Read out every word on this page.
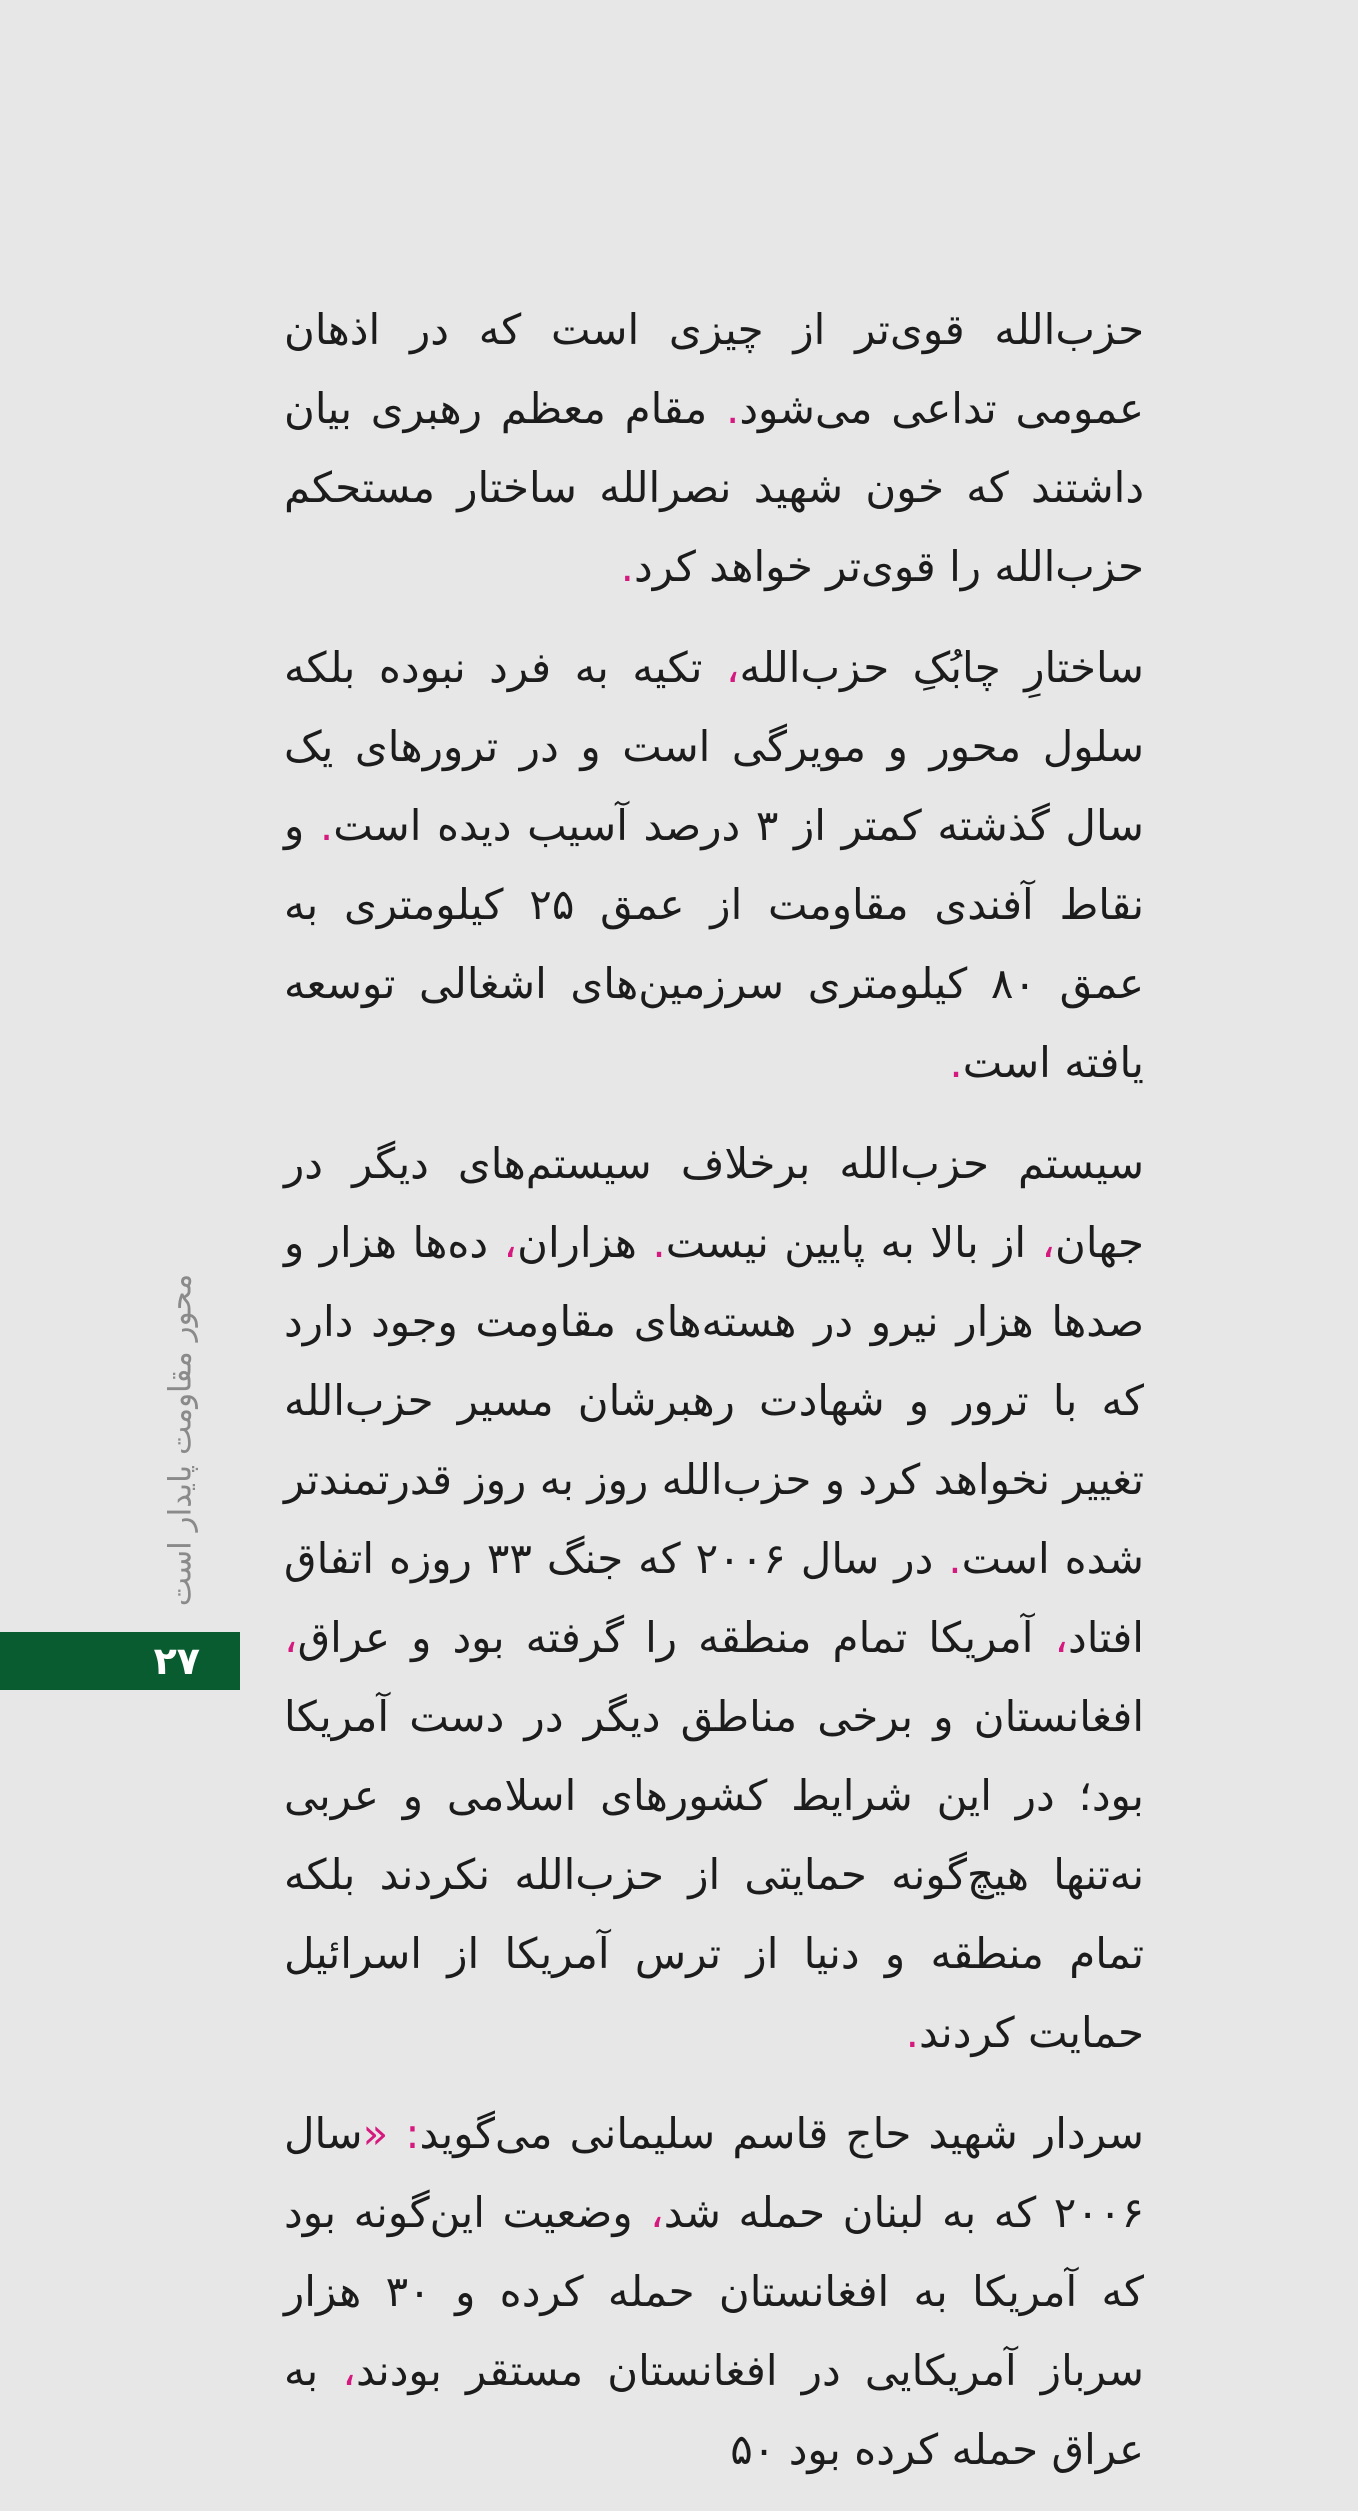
حزبالله قویتر از چیزی است که در اذهان عمومی تداعی میشود. مقام معظم رهبری بیان داشتند که خون شهید نصرالله ساختار مستحکم حزبالله را قویتر خواهد کرد.

ساختار چابک حزبالله، تکیه به فرد نبوده بلکه سلول محور و مویرگی است و در ترورهای یک سال گذشته کمتر از ۳ درصد آسیب دیده است. و نقاط آفندی مقاومت از عمق ۲۵ کیلومتری به عمق ۸۰ کیلومتری سرزمینهای اشغالی توسعه یافته است.

سیستم حزبالله برخلف سیستمهای دیگر در جهان، از بال به پایین نیست. هزاران، دهها هزار و صدها هزار نیرو در هستههای مقاومت وجود دارد که با ترور و شهادت رهبرشان مسیر حزبالله تغییر نخواهد کرد و حزبالله روز به روز قدرتمندتر شده است. در سال ۲۰۰۶ که جنگ ۳۳ روزه اتفاق افتاد، آمریکا تمام منطقه را گرفته بود و عراق، افغانستان و برخی مناطق دیگر در دست آمریکا بود؛ در این شرایط کشورهای اسلمی و عربی نهتنها هیچگونه حمایتی از حزبالله نکردند بلکه تمام منطقه و دنیا از ترس آمریکا از اسرائیل حمایت کردند.

سردار شهید حاج قاسم سلیمانی میگوید: «سال ۲۰۰۶ که به لبنان حمله شد، وضعیت اینگونه بود که آمریکا به افغانستان حمله کرده و ۳۰ هزار سرباز آمریکایی در افغانستان مستقر بودند، به عراق حمله کرده بود ۵۰

محور مقاومت پایدار است
۲۷
